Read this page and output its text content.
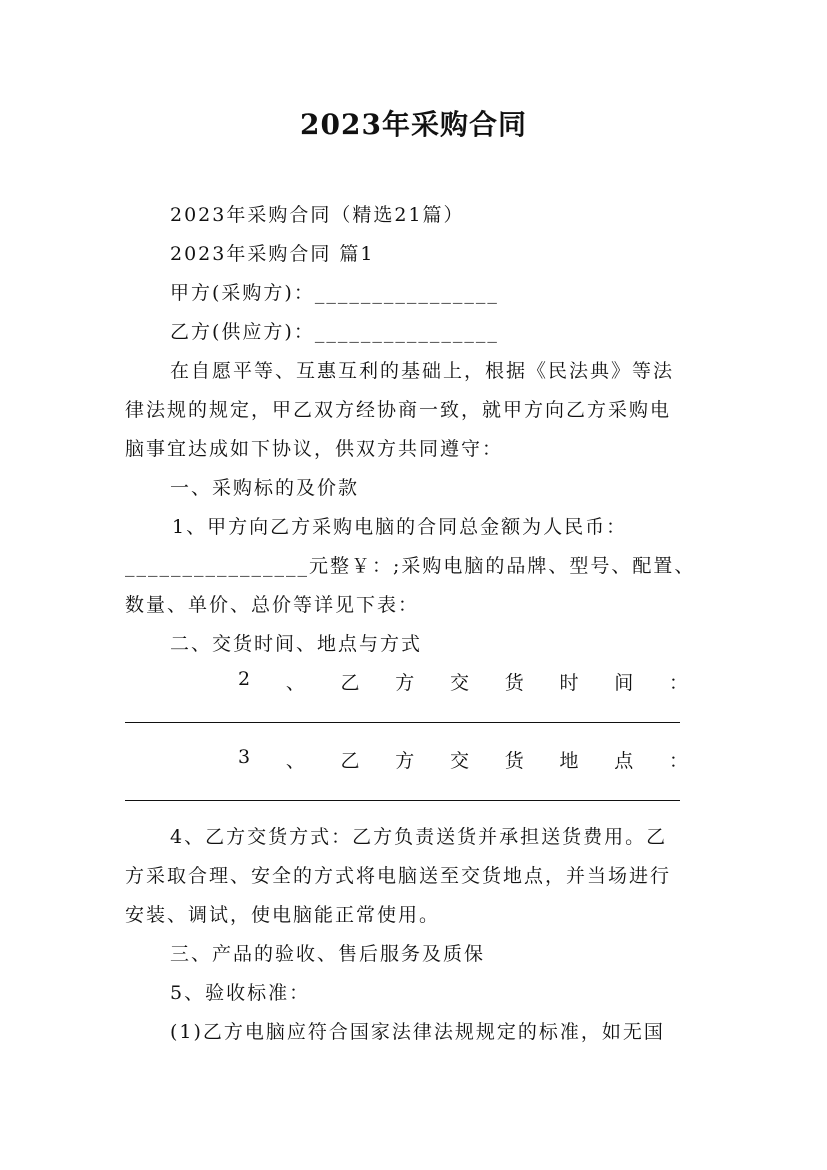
2023年采购合同
2023年采购合同（精选21篇）
2023年采购合同 篇1
甲方(采购方)：________________
乙方(供应方)：________________
在自愿平等、互惠互利的基础上，根据《民法典》等法
律法规的规定，甲乙双方经协商一致，就甲方向乙方采购电
脑事宜达成如下协议，供双方共同遵守：
一、采购标的及价款
1、甲方向乙方采购电脑的合同总金额为人民币：
________________元整￥：;采购电脑的品牌、型号、配置、
数量、单价、总价等详见下表：
二、交货时间、地点与方式
2 、 乙 方 交 货 时 间 ：
3 、 乙 方 交 货 地 点 ：
4、乙方交货方式：乙方负责送货并承担送货费用。乙
方采取合理、安全的方式将电脑送至交货地点，并当场进行
安装、调试，使电脑能正常使用。
三、产品的验收、售后服务及质保
5、验收标准：
(1)乙方电脑应符合国家法律法规规定的标准，如无国
